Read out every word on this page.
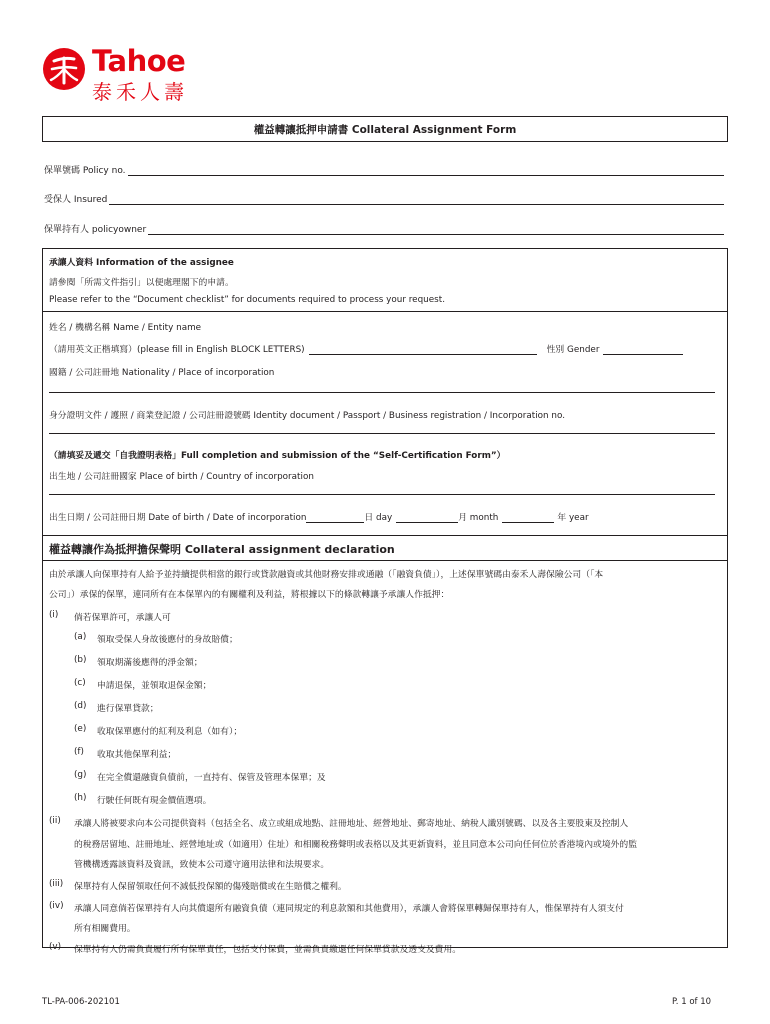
Tahoe
泰禾人壽
權益轉讓抵押申請書 Collateral Assignment Form
保單號碼 Policy no.
受保人 Insured
保單持有人 policyowner
承讓人資料 Information of the assignee
請參閱「所需文件指引」以便處理閣下的申請。
Please refer to the “Document checklist” for documents required to process your request.
姓名 / 機構名稱 Name / Entity name
（請用英文正楷填寫）(please fill in English BLOCK LETTERS)	性別 Gender
國籍 / 公司註冊地 Nationality / Place of incorporation
身分證明文件 / 護照 / 商業登記證 / 公司註冊證號碼 Identity document / Passport / Business registration / Incorporation no.
（請填妥及遞交「自我證明表格」Full completion and submission of the “Self-Certification Form”）
出生地 / 公司註冊國家 Place of birth / Country of incorporation
出生日期 / 公司註冊日期 Date of birth / Date of incorporation	日 day	月 month	年 year
權益轉讓作為抵押擔保聲明 Collateral assignment declaration
由於承讓人向保單持有人給予並持續提供相當的銀行或貸款融資或其他財務安排或通融（「融資負債」），上述保單號碼由泰禾人壽保險公司（「本
公司」）承保的保單，連同所有在本保單內的有關權利及利益，將根據以下的條款轉讓予承讓人作抵押：
(i) 倘若保單許可，承讓人可
(a) 領取受保人身故後應付的身故賠償；
(b) 領取期滿後應得的淨金額；
(c) 申請退保，並領取退保金額；
(d) 進行保單貸款；
(e) 收取保單應付的紅利及利息（如有）；
(f) 收取其他保單利益；
(g) 在完全償還融資負債前，一直持有、保管及管理本保單；及
(h) 行駛任何既有現金價值選項。
(ii) 承讓人將被要求向本公司提供資料（包括全名、成立或組成地點、註冊地址、經營地址、郵寄地址、納稅人識別號碼、以及各主要股東及控制人
的稅務居留地、註冊地址、經營地址或（如適用）住址）和相關稅務聲明或表格以及其更新資料，並且同意本公司向任何位於香港境內或境外的監
管機構透露該資料及資訊，致使本公司遵守適用法律和法規要求。
(iii) 保單持有人保留領取任何不減低投保額的傷殘賠償或在生賠償之權利。
(iv) 承讓人同意倘若保單持有人向其償還所有融資負債（連同規定的利息款額和其他費用），承讓人會將保單轉歸保單持有人，惟保單持有人須支付
所有相關費用。
(v) 保單持有人仍需負責履行所有保單責任，包括支付保費，並需負責繳還任何保單貸款及透支及費用。
TL-PA-006-202101	P. 1 of 10
